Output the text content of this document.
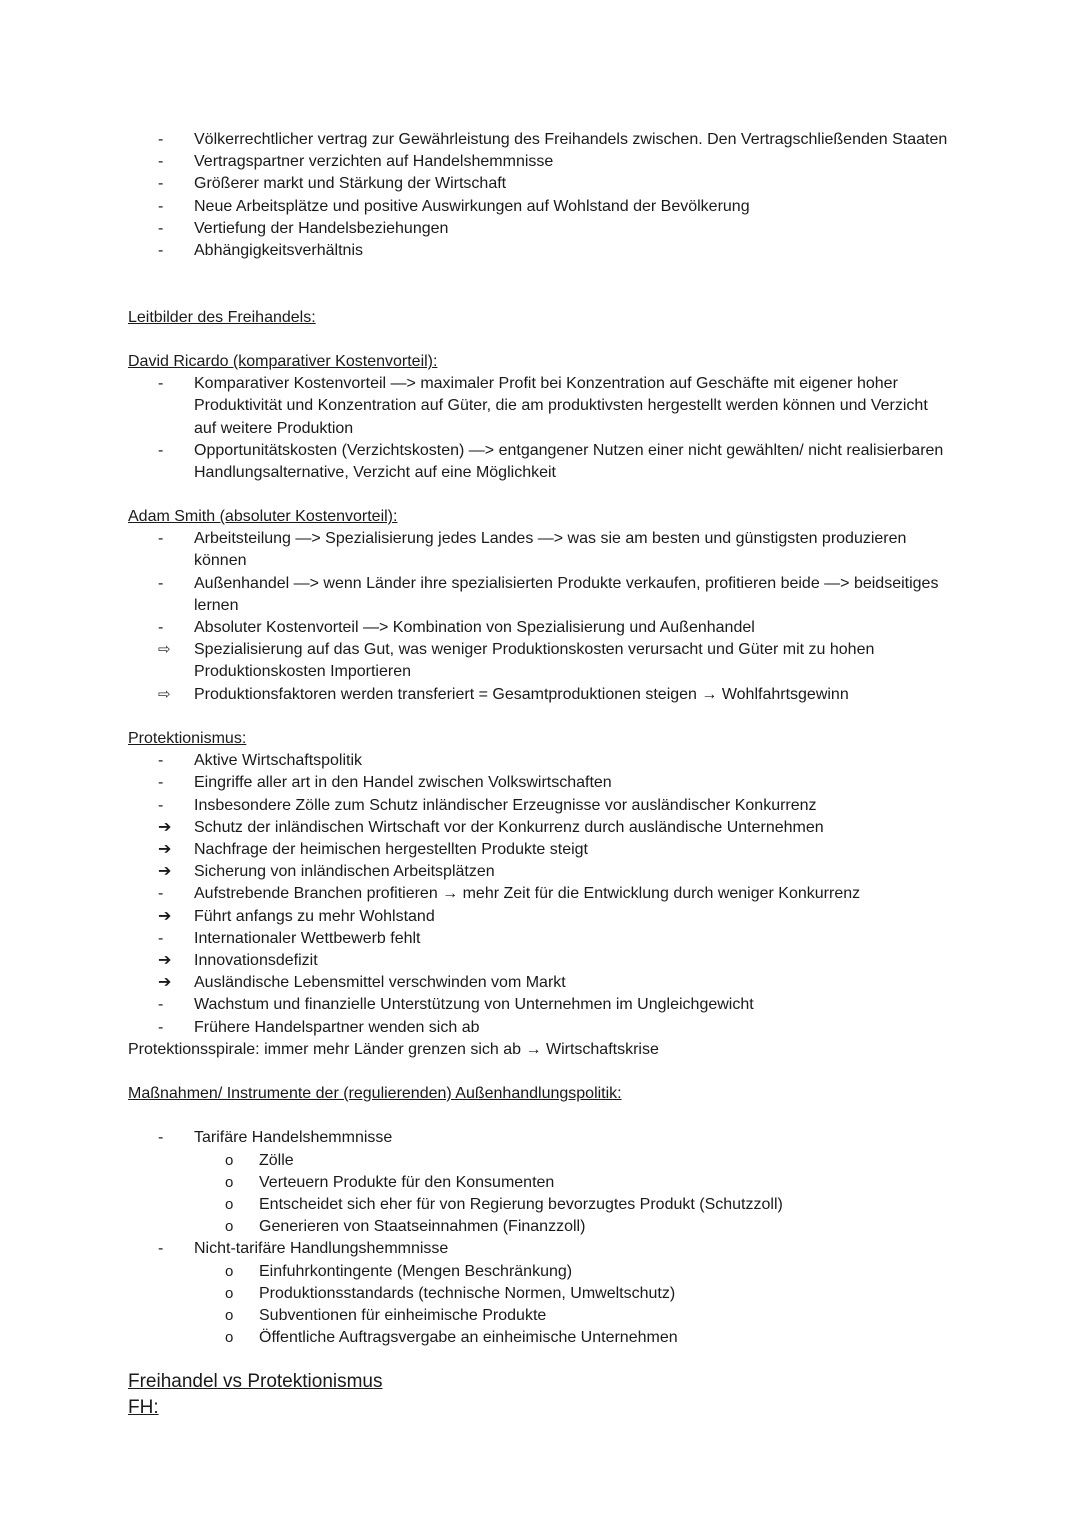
-	Völkerrechtlicher vertrag zur Gewährleistung des Freihandels zwischen. Den Vertragschließenden Staaten
-	Vertragspartner verzichten auf Handelshemmnisse
-	Größerer markt und Stärkung der Wirtschaft
-	Neue Arbeitsplätze und positive Auswirkungen auf Wohlstand der Bevölkerung
-	Vertiefung der Handelsbeziehungen
-	Abhängigkeitsverhältnis
Leitbilder des Freihandels:
David Ricardo (komparativer Kostenvorteil):
-	Komparativer Kostenvorteil —> maximaler Profit bei Konzentration auf Geschäfte mit eigener hoher Produktivität und Konzentration auf Güter, die am produktivsten hergestellt werden können und Verzicht auf weitere Produktion
-	Opportunitätskosten (Verzichtskosten) —> entgangener Nutzen einer nicht gewählten/ nicht realisierbaren Handlungsalternative, Verzicht auf eine Möglichkeit
Adam Smith (absoluter Kostenvorteil):
-	Arbeitsteilung —> Spezialisierung jedes Landes —> was sie am besten und günstigsten produzieren können
-	Außenhandel —> wenn Länder ihre spezialisierten Produkte verkaufen, profitieren beide —> beidseitiges lernen
-	Absoluter Kostenvorteil —> Kombination von Spezialisierung und Außenhandel
⇨	Spezialisierung auf das Gut, was weniger Produktionskosten verursacht und Güter mit zu hohen Produktionskosten Importieren
⇨	Produktionsfaktoren werden transferiert = Gesamtproduktionen steigen → Wohlfahrtsgewinn
Protektionismus:
-	Aktive Wirtschaftspolitik
-	Eingriffe aller art in den Handel zwischen Volkswirtschaften
-	Insbesondere Zölle zum Schutz inländischer Erzeugnisse vor ausländischer Konkurrenz
➔	Schutz der inländischen Wirtschaft vor der Konkurrenz durch ausländische Unternehmen
➔	Nachfrage der heimischen hergestellten Produkte steigt
➔	Sicherung von inländischen Arbeitsplätzen
-	Aufstrebende Branchen profitieren → mehr Zeit für die Entwicklung durch weniger Konkurrenz
➔	Führt anfangs zu mehr Wohlstand
-	Internationaler Wettbewerb fehlt
➔	Innovationsdefizit
➔	Ausländische Lebensmittel verschwinden vom Markt
-	Wachstum und finanzielle Unterstützung von Unternehmen im Ungleichgewicht
-	Frühere Handelspartner wenden sich ab
Protektionsspirale: immer mehr Länder grenzen sich ab → Wirtschaftskrise
Maßnahmen/ Instrumente der (regulierenden) Außenhandlungspolitik:
-	Tarifäre Handelshemmnisse
o Zölle
o Verteuern Produkte für den Konsumenten
o Entscheidet sich eher für von Regierung bevorzugtes Produkt (Schutzzoll)
o Generieren von Staatseinnahmen (Finanzzoll)
-	Nicht-tarifäre Handlungshemmnisse
o Einfuhrkontingente (Mengen Beschränkung)
o Produktionsstandards (technische Normen, Umweltschutz)
o Subventionen für einheimische Produkte
o Öffentliche Auftragsvergabe an einheimische Unternehmen
Freihandel vs Protektionismus
FH:
